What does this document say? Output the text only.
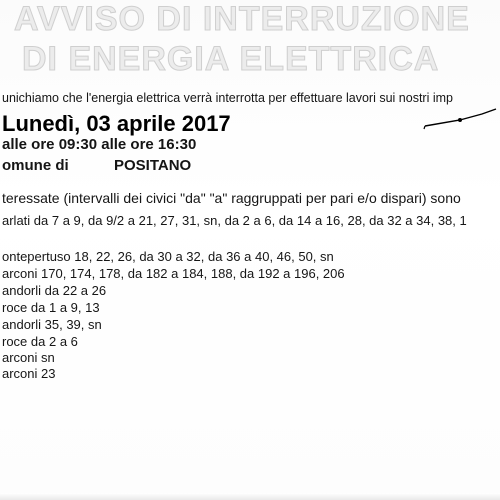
AVVISO DI INTERRUZIONE
DI ENERGIA ELETTRICA
unichiamo che l'energia elettrica verrà interrotta per effettuare lavori sui nostri imp
Lunedì, 03 aprile 2017
alle ore 09:30 alle ore 16:30
omune di	POSITANO
teressate (intervalli dei civici "da" "a" raggruppati per pari e/o dispari) sono
arlati da 7 a 9, da 9/2 a 21, 27, 31, sn, da 2 a 6, da 14 a 16, 28, da 32 a 34, 38, 1
ontepertuso 18, 22, 26, da 30 a 32, da 36 a 40, 46, 50, sn
arconi 170, 174, 178, da 182 a 184, 188, da 192 a 196, 206
andorli da 22 a 26
roce da 1 a 9, 13
andorli 35, 39, sn
roce da 2 a 6
arconi sn
arconi 23
